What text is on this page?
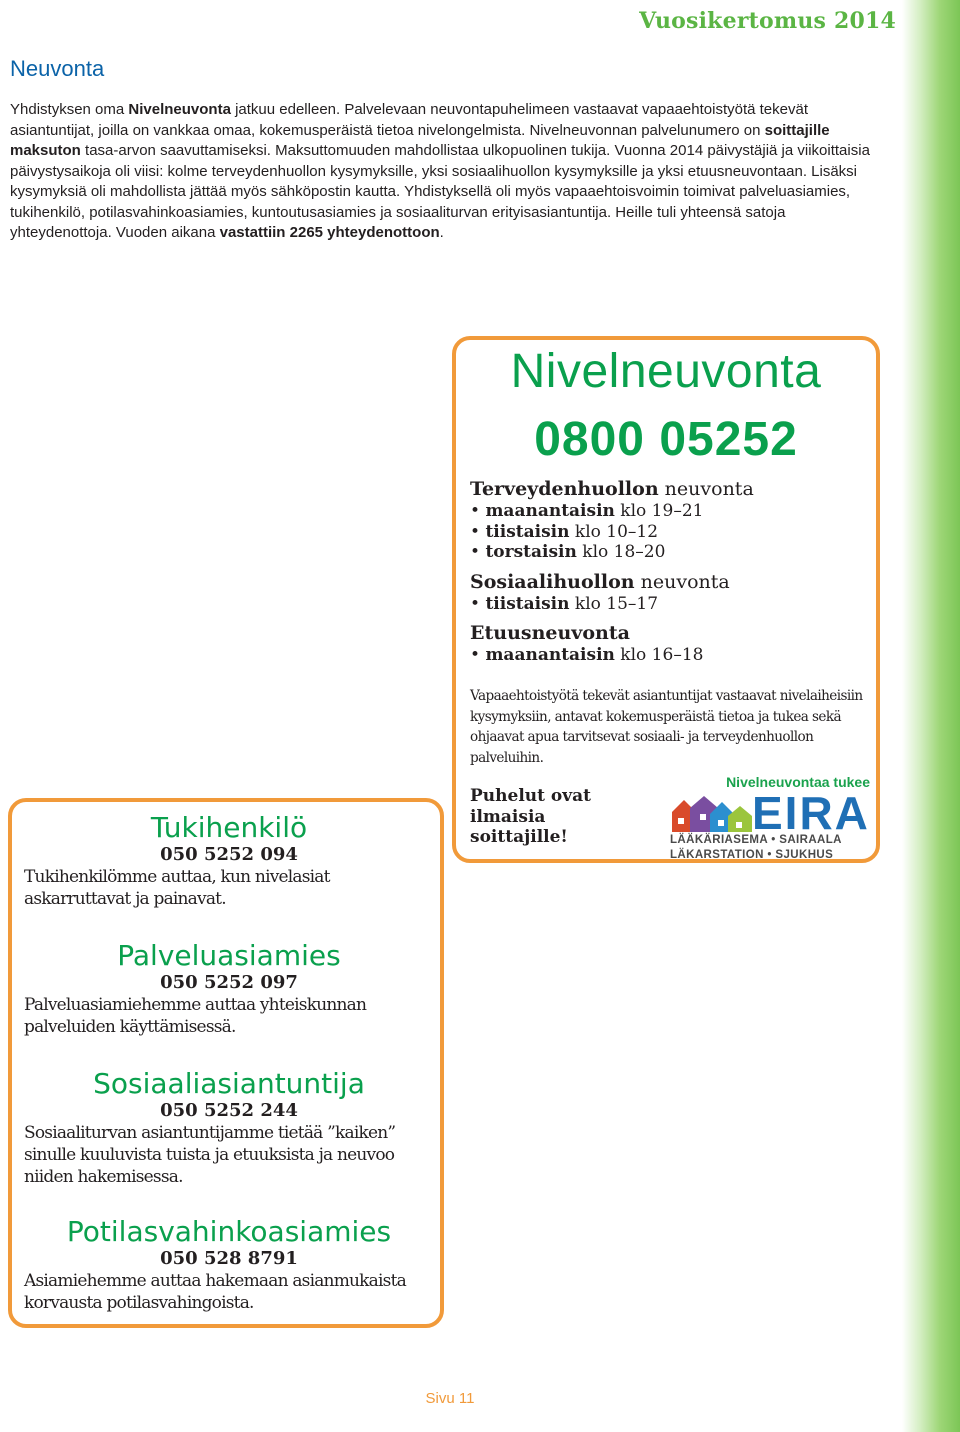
Vuosikertomus 2014
Neuvonta
Yhdistyksen oma Nivelneuvonta jatkuu edelleen. Palvelevaan neuvontapuhelimeen vastaavat vapaaehtoistyötä tekevät asiantuntijat, joilla on vankkaa omaa, kokemusperäistä tietoa nivelongelmista. Nivelneuvonnan palvelunumero on soittajille maksuton tasa-arvon saavuttamiseksi. Maksuttomuuden mahdollistaa ulkopuolinen tukija. Vuonna 2014 päivystäjiä ja viikoittaisia päivystysaikoja oli viisi: kolme terveydenhuollon kysymyksille, yksi sosiaalihuollon kysymyksille ja yksi etuusneuvontaan. Lisäksi kysymyksiä oli mahdollista jättää myös sähköpostin kautta. Yhdistyksellä oli myös vapaaehtoisvoimin toimivat palveluasiamies, tukihenkilö, potilasvahinkoasiamies, kuntoutusasiamies ja sosiaaliturvan erityisasiantuntija. Heille tuli yhteensä satoja yhteydenottoja. Vuoden aikana vastattiin 2265 yhteydenottoon.
Nivelneuvonta
0800 05252
Terveydenhuollon neuvonta
• maanantaisin klo 19–21
• tiistaisin klo 10–12
• torstaisin klo 18–20
Sosiaalihuollon neuvonta
• tiistaisin klo 15–17
Etuusneuvonta
• maanantaisin klo 16–18
Vapaaehtoistyötä tekevät asiantuntijat vastaavat nivelaiheisiin kysymyksiin, antavat kokemusperäistä tietoa ja tukea sekä ohjaavat apua tarvitsevat sosiaali- ja terveydenhuollon palveluihin.
Puhelut ovat ilmaisia soittajille!
Nivelneuvontaa tukee
EIRA
LÄÄKÄRIASEMA • SAIRAALA
LÄKARSTATION • SJUKHUS
Tukihenkilö
050 5252 094
Tukihenkilömme auttaa, kun nivelasiat askarruttavat ja painavat.
Palveluasiamies
050 5252 097
Palveluasiamiehemme auttaa yhteiskunnan palveluiden käyttämisessä.
Sosiaaliasiantuntija
050 5252 244
Sosiaaliturvan asiantuntijamme tietää ”kaiken” sinulle kuuluvista tuista ja etuuksista ja neuvoo niiden hakemisessa.
Potilasvahinkoasiamies
050 528 8791
Asiamiehemme auttaa hakemaan asianmukaista korvausta potilasvahingoista.
Sivu 11
